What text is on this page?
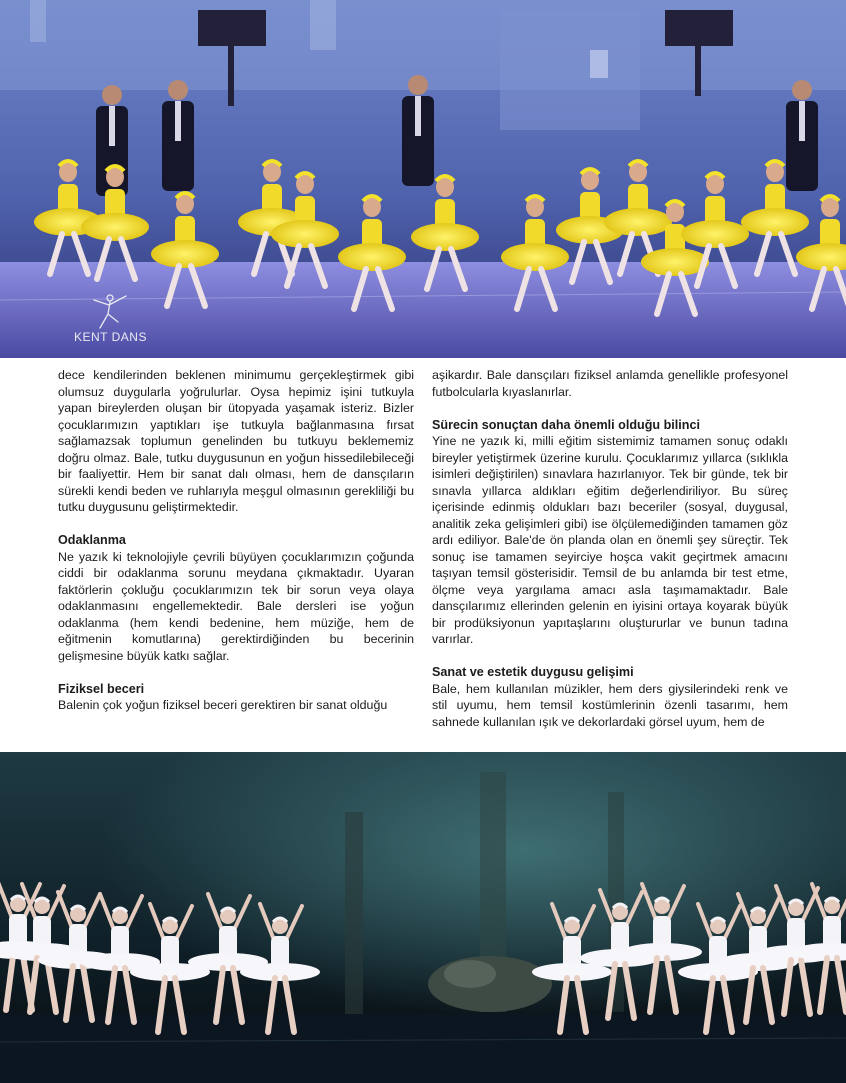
KENT DANS

dece kendilerinden beklenen minimumu gerçekleştirmek gibi olumsuz duygularla yoğrulurlar. Oysa hepimiz işini tutkuyla yapan bireylerden oluşan bir ütopyada yaşamak isteriz. Bizler çocuklarımızın yaptıkları işe tutkuyla bağlanmasına fırsat sağlamazsak toplumun genelinden bu tutkuyu beklememiz doğru olmaz. Bale, tutku duygusunun en yoğun hissedilebileceği bir faaliyettir. Hem bir sanat dalı olması, hem de dansçıların sürekli kendi beden ve ruhlarıyla meşgul olmasının gerekliliği bu tutku duygusunu geliştirmektedir.

Odaklanma

Ne yazık ki teknolojiyle çevrili büyüyen çocuklarımızın çoğunda ciddi bir odaklanma sorunu meydana çıkmaktadır. Uyaran faktörlerin çokluğu çocuklarımızın tek bir sorun veya olaya odaklanmasını engellemektedir. Bale dersleri ise yoğun odaklanma (hem kendi bedenine, hem müziğe, hem de eğitmenin komutlarına) gerektirdiğinden bu becerinin gelişmesine büyük katkı sağlar.

Fiziksel beceri

Balenin çok yoğun fiziksel beceri gerektiren bir sanat olduğu

aşikardır. Bale dansçıları fiziksel anlamda genellikle profesyonel futbolcularla kıyaslanırlar.

Sürecin sonuçtan daha önemli olduğu bilinci

Yine ne yazık ki, milli eğitim sistemimiz tamamen sonuç odaklı bireyler yetiştirmek üzerine kurulu. Çocuklarımız yıllarca (sıklıkla isimleri değiştirilen) sınavlara hazırlanıyor. Tek bir günde, tek bir sınavla yıllarca aldıkları eğitim değerlendiriliyor. Bu süreç içerisinde edinmiş oldukları bazı beceriler (sosyal, duygusal, analitik zeka gelişimleri gibi) ise ölçülemediğinden tamamen göz ardı ediliyor. Bale'de ön planda olan en önemli şey süreçtir. Tek sonuç ise tamamen seyirciye hoşca vakit geçirtmek amacını taşıyan temsil gösterisidir. Temsil de bu anlamda bir test etme, ölçme veya yargılama amacı asla taşımamaktadır. Bale dansçılarımız ellerinden gelenin en iyisini ortaya koyarak büyük bir prodüksiyonun yapıtaşlarını oluştururlar ve bunun tadına varırlar.

Sanat ve estetik duygusu gelişimi

Bale, hem kullanılan müzikler, hem ders giysilerindeki renk ve stil uyumu, hem temsil kostümlerinin özenli tasarımı, hem sahnede kullanılan ışık ve dekorlardaki görsel uyum, hem de
